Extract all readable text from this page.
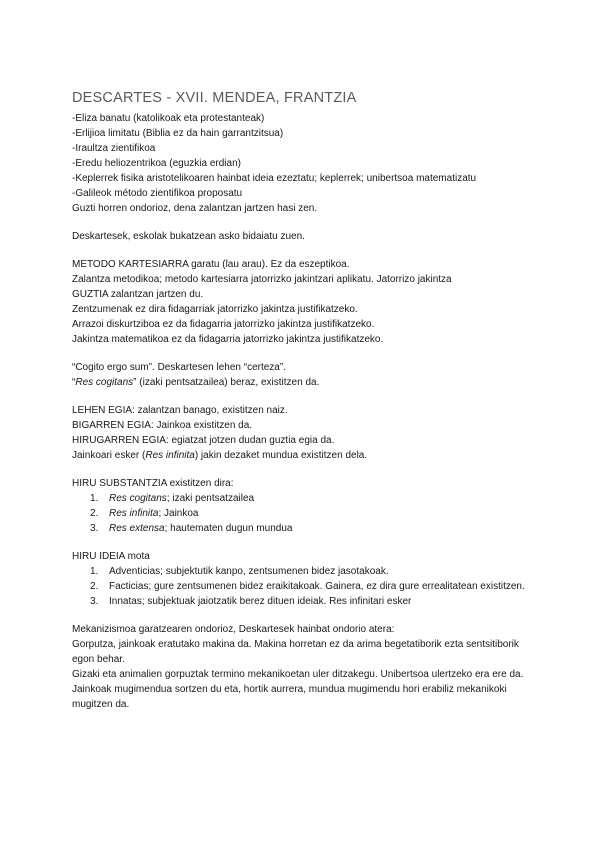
DESCARTES - XVII. MENDEA, FRANTZIA
-Eliza banatu (katolikoak eta protestanteak)
-Erlijioa limitatu (Biblia ez da hain garrantzitsua)
-Iraultza zientifikoa
-Eredu heliozentrikoa (eguzkia erdian)
-Keplerrek fisika aristotelikoaren hainbat ideia ezeztatu; keplerrek; unibertsoa matematizatu
-Galileok método zientifikoa proposatu
Guzti horren ondorioz, dena zalantzan jartzen hasi zen.
Deskartesek, eskolak bukatzean asko bidaiatu zuen.
METODO KARTESIARRA garatu (lau arau). Ez da eszeptikoa.
Zalantza metodikoa; metodo kartesiarra jatorrizko jakintzari aplikatu. Jatorrizo jakintza
GUZTIA zalantzan jartzen du.
Zentzumenak ez dira fidagarriak jatorrizko jakintza justifikatzeko.
Arrazoi diskurtziboa ez da fidagarria jatorrizko jakintza justifikatzeko.
Jakintza matematikoa ez da fidagarria jatorrizko jakintza justifikatzeko.
“Cogito ergo sum”. Deskartesen lehen “certeza”.
“Res cogitans” (izaki pentsatzailea) beraz, existitzen da.
LEHEN EGIA: zalantzan banago, existitzen naiz.
BIGARREN EGIA: Jainkoa existitzen da.
HIRUGARREN EGIA: egiatzat jotzen dudan guztia egia da.
Jainkoari esker (Res infinita) jakin dezaket mundua existitzen dela.
HIRU SUBSTANTZIA existitzen dira:
1. Res cogitans; izaki pentsatzailea
2. Res infinita; Jainkoa
3. Res extensa; hautematen dugun mundua
HIRU IDEIA mota
1. Adventicias; subjektutik kanpo, zentsumenen bidez jasotakoak.
2. Facticias; gure zentsumenen bidez eraikitakoak. Gainera, ez dira gure errealitatean existitzen.
3. Innatas; subjektuak jaiotzatik berez dituen ideiak. Res infinitari esker
Mekanizismoa garatzearen ondorioz, Deskartesek hainbat ondorio atera:
Gorputza, jainkoak eratutako makina da. Makina horretan ez da arima begetatiborik ezta sentsitiborik egon behar.
Gizaki eta animalien gorpuztak termino mekanikoetan uler ditzakegu. Unibertsoa ulertzeko era ere da.
Jainkoak mugimendua sortzen du eta, hortik aurrera, mundua mugimendu hori erabiliz mekanikoki mugitzen da.
